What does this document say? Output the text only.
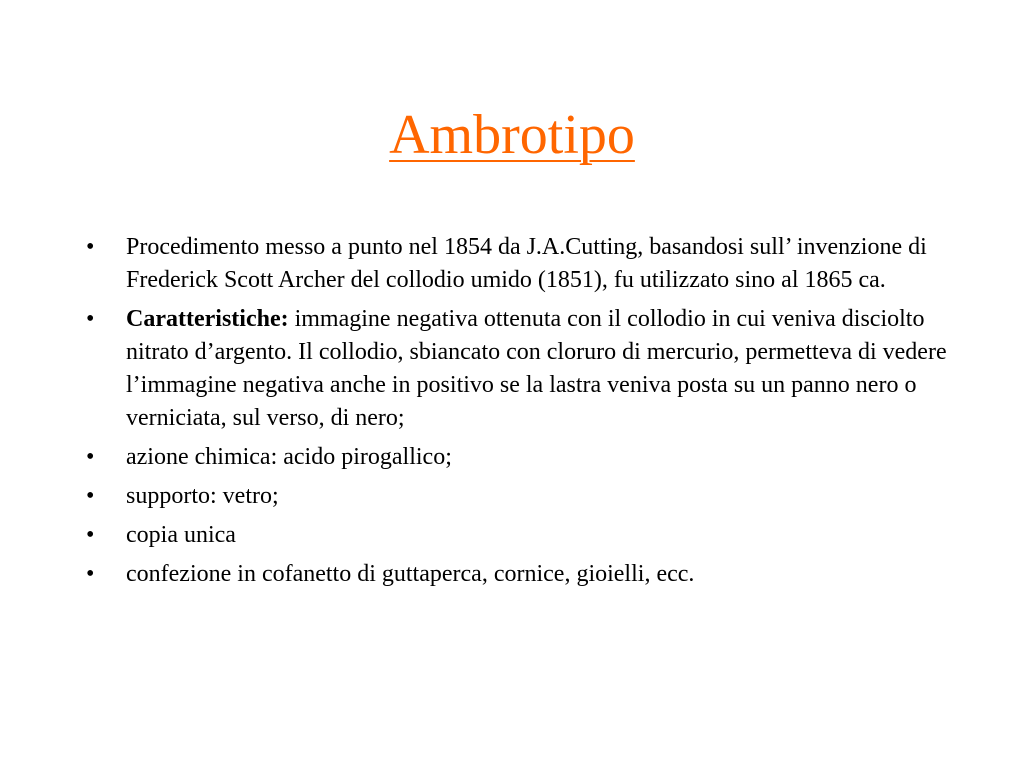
Ambrotipo
•	Procedimento messo a punto nel 1854 da J.A.Cutting, basandosi sull’ invenzione di Frederick Scott Archer del collodio umido (1851), fu utilizzato sino al 1865 ca.
•	Caratteristiche: immagine negativa ottenuta con il collodio in cui veniva disciolto nitrato d’argento. Il collodio, sbiancato con cloruro di mercurio, permetteva di vedere l’immagine negativa anche in positivo se la lastra veniva posta su un panno nero o verniciata, sul verso, di nero;
•	azione chimica: acido pirogallico;
•	supporto: vetro;
•	copia unica
•	confezione in cofanetto di guttaperca, cornice, gioielli, ecc.
